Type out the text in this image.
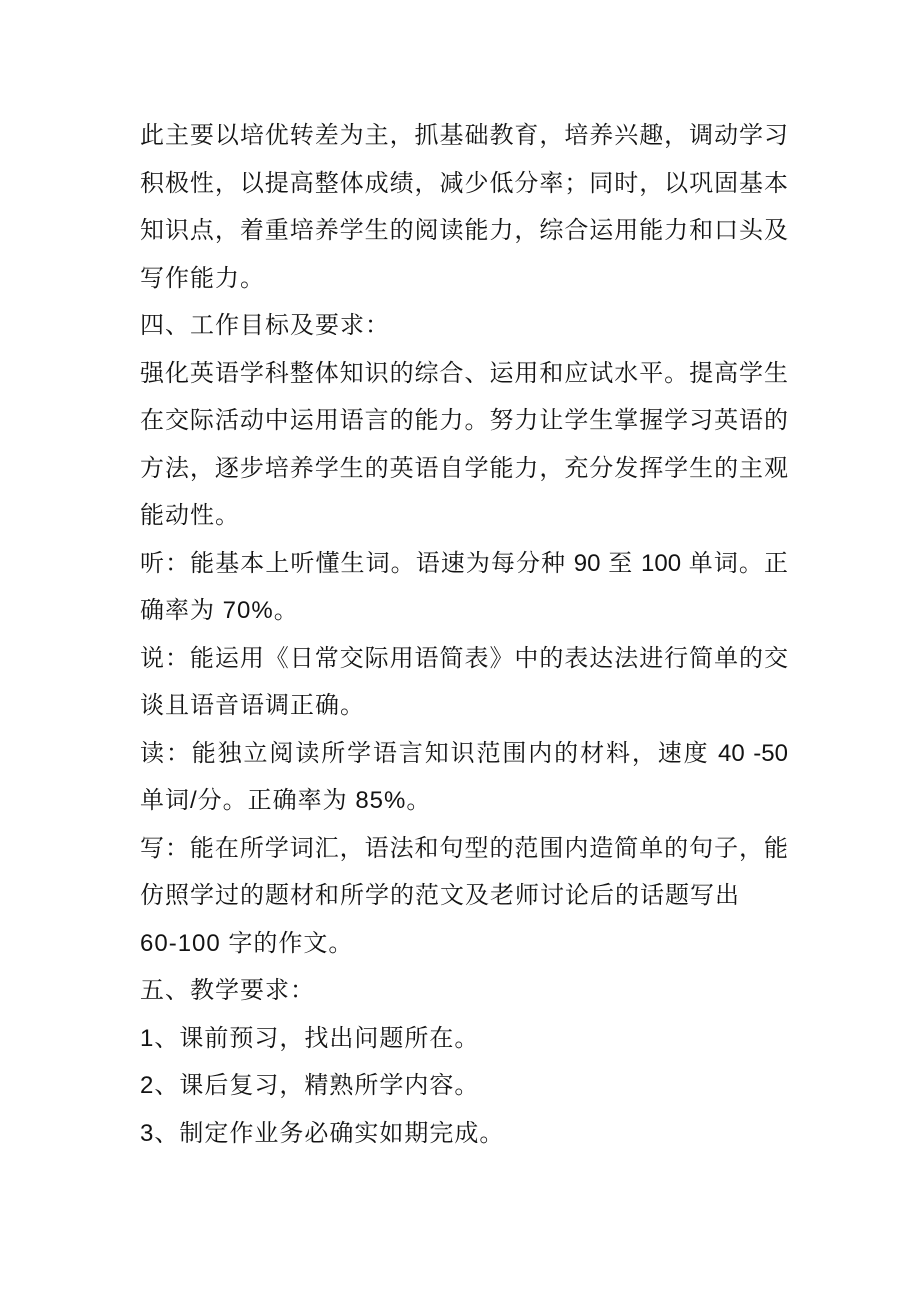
此主要以培优转差为主，抓基础教育，培养兴趣，调动学习
积极性，以提高整体成绩，减少低分率；同时，以巩固基本
知识点，着重培养学生的阅读能力，综合运用能力和口头及
写作能力。
四、工作目标及要求：
强化英语学科整体知识的综合、运用和应试水平。提高学生
在交际活动中运用语言的能力。努力让学生掌握学习英语的
方法，逐步培养学生的英语自学能力，充分发挥学生的主观
能动性。
听：能基本上听懂生词。语速为每分种 90 至 100 单词。正
确率为 70%。
说：能运用《日常交际用语简表》中的表达法进行简单的交
谈且语音语调正确。
读：能独立阅读所学语言知识范围内的材料，速度 40 -50
单词/分。正确率为 85%。
写：能在所学词汇，语法和句型的范围内造简单的句子，能
仿照学过的题材和所学的范文及老师讨论后的话题写出
60-100 字的作文。
五、教学要求：
1、课前预习，找出问题所在。
2、课后复习，精熟所学内容。
3、制定作业务必确实如期完成。
